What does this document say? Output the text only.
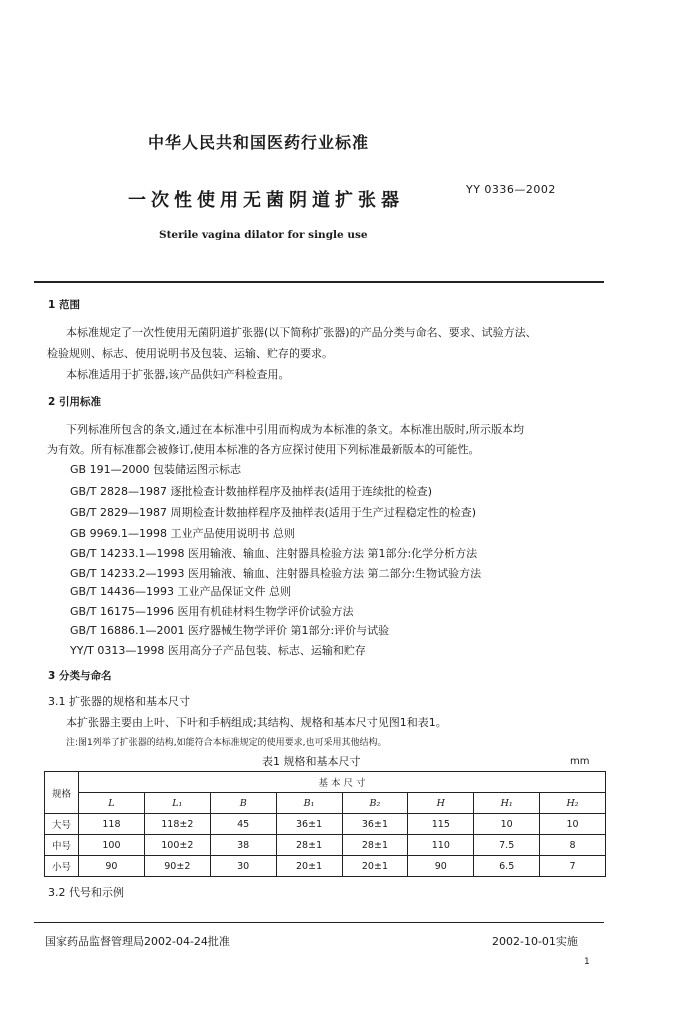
中华人民共和国医药行业标准
一次性使用无菌阴道扩张器
YY 0336—2002
Sterile vagina dilator for single use
1 范围
本标准规定了一次性使用无菌阴道扩张器(以下简称扩张器)的产品分类与命名、要求、试验方法、
检验规则、标志、使用说明书及包装、运输、贮存的要求。
本标准适用于扩张器,该产品供妇产科检查用。
2 引用标准
下列标准所包含的条文,通过在本标准中引用而构成为本标准的条文。本标准出版时,所示版本均
为有效。所有标准都会被修订,使用本标准的各方应探讨使用下列标准最新版本的可能性。
GB 191—2000 包装储运图示标志
GB/T 2828—1987 逐批检查计数抽样程序及抽样表(适用于连续批的检查)
GB/T 2829—1987 周期检查计数抽样程序及抽样表(适用于生产过程稳定性的检查)
GB 9969.1—1998 工业产品使用说明书 总则
GB/T 14233.1—1998 医用输液、输血、注射器具检验方法 第1部分:化学分析方法
GB/T 14233.2—1993 医用输液、输血、注射器具检验方法 第二部分:生物试验方法
GB/T 14436—1993 工业产品保证文件 总则
GB/T 16175—1996 医用有机硅材料生物学评价试验方法
GB/T 16886.1—2001 医疗器械生物学评价 第1部分:评价与试验
YY/T 0313—1998 医用高分子产品包装、标志、运输和贮存
3 分类与命名
3.1 扩张器的规格和基本尺寸
本扩张器主要由上叶、下叶和手柄组成;其结构、规格和基本尺寸见图1和表1。
注:图1列举了扩张器的结构,如能符合本标准规定的使用要求,也可采用其他结构。
表1 规格和基本尺寸	mm
规格	基 本 尺 寸							
	L	L₁	B	B₁	B₂	H	H₁	H₂
大号	118	118±2	45	36±1	36±1	115	10	10
中号	100	100±2	38	28±1	28±1	110	7.5	8
小号	90	90±2	30	20±1	20±1	90	6.5	7
3.2 代号和示例
国家药品监督管理局2002-04-24批准	2002-10-01实施
1
